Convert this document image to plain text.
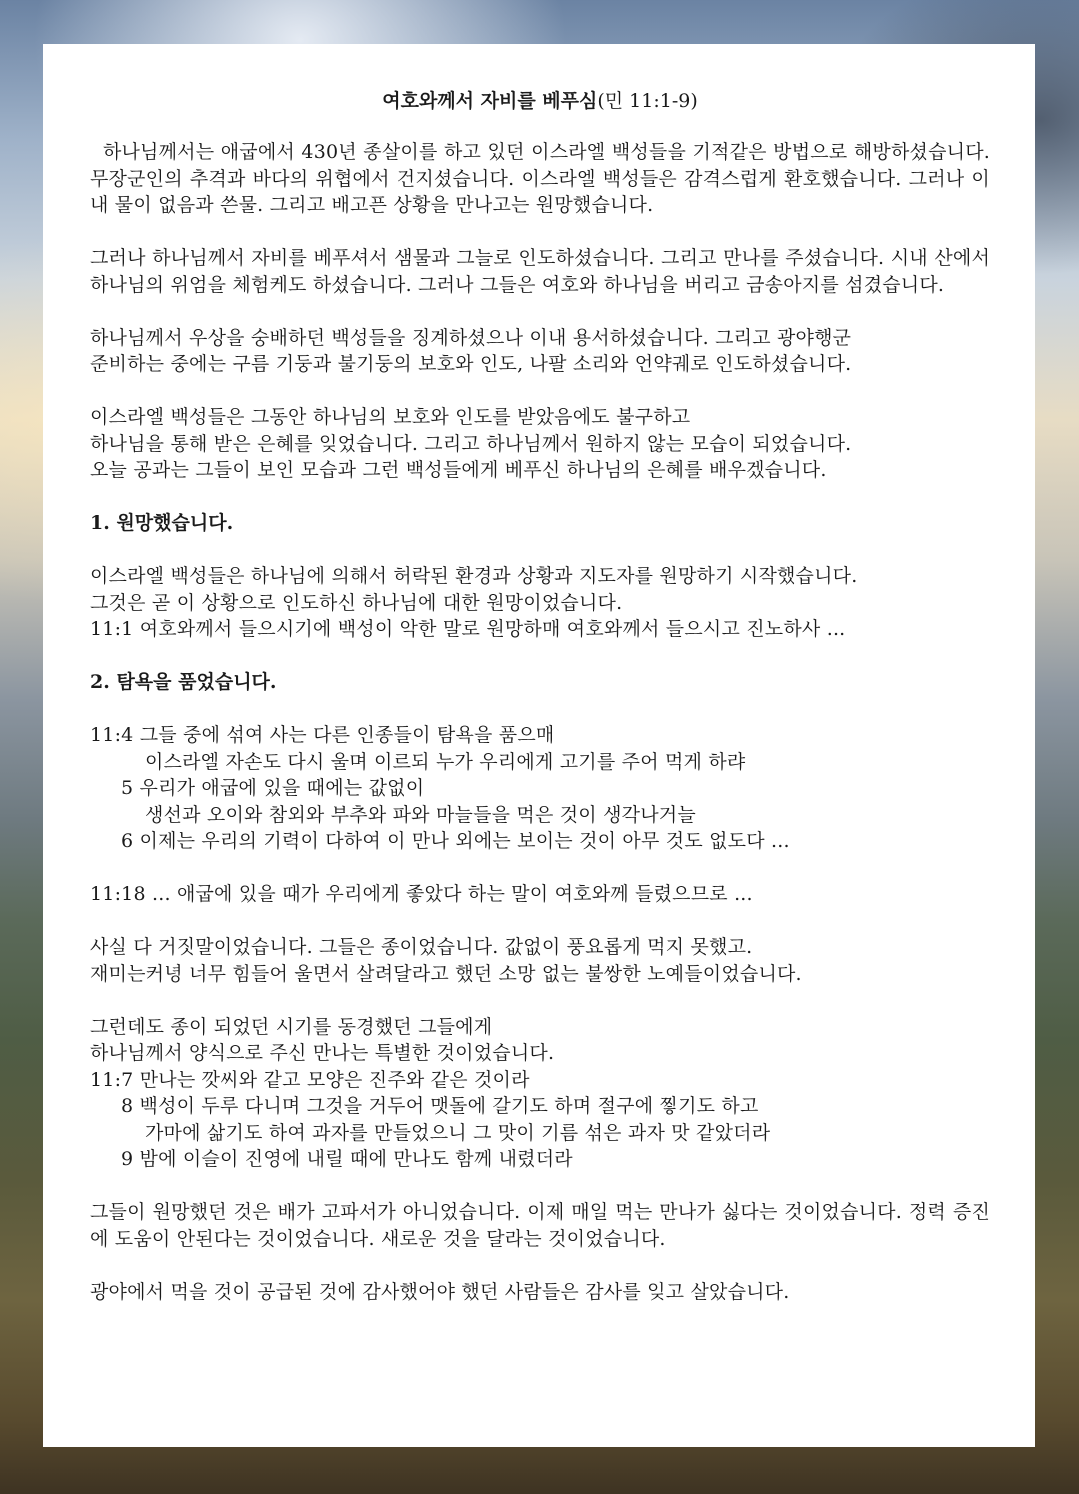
여호와께서 자비를 베푸심(민 11:1-9)

하나님께서는 애굽에서 430년 종살이를 하고 있던 이스라엘 백성들을 기적같은 방법으로 해방하셨습니다. 무장군인의 추격과 바다의 위협에서 건지셨습니다. 이스라엘 백성들은 감격스럽게 환호했습니다. 그러나 이내 물이 없음과 쓴물. 그리고 배고픈 상황을 만나고는 원망했습니다.

그러나 하나님께서 자비를 베푸셔서 샘물과 그늘로 인도하셨습니다. 그리고 만나를 주셨습니다. 시내 산에서 하나님의 위엄을 체험케도 하셨습니다. 그러나 그들은 여호와 하나님을 버리고 금송아지를 섬겼습니다.

하나님께서 우상을 숭배하던 백성들을 징계하셨으나 이내 용서하셨습니다. 그리고 광야행군

준비하는 중에는 구름 기둥과 불기둥의 보호와 인도, 나팔 소리와 언약궤로 인도하셨습니다.

이스라엘 백성들은 그동안 하나님의 보호와 인도를 받았음에도 불구하고

하나님을 통해 받은 은혜를 잊었습니다. 그리고 하나님께서 원하지 않는 모습이 되었습니다.

오늘 공과는 그들이 보인 모습과 그런 백성들에게 베푸신 하나님의 은혜를 배우겠습니다.

1. 원망했습니다.

이스라엘 백성들은 하나님에 의해서 허락된 환경과 상황과 지도자를 원망하기 시작했습니다.

그것은 곧 이 상황으로 인도하신 하나님에 대한 원망이었습니다.

11:1 여호와께서 들으시기에 백성이 악한 말로 원망하매 여호와께서 들으시고 진노하사 ...

2. 탐욕을 품었습니다.

11:4 그들 중에 섞여 사는 다른 인종들이 탐욕을 품으매

이스라엘 자손도 다시 울며 이르되 누가 우리에게 고기를 주어 먹게 하랴

5 우리가 애굽에 있을 때에는 값없이

생선과 오이와 참외와 부추와 파와 마늘들을 먹은 것이 생각나거늘

6 이제는 우리의 기력이 다하여 이 만나 외에는 보이는 것이 아무 것도 없도다 ...

11:18 ... 애굽에 있을 때가 우리에게 좋았다 하는 말이 여호와께 들렸으므로 ...

사실 다 거짓말이었습니다. 그들은 종이었습니다. 값없이 풍요롭게 먹지 못했고.

재미는커녕 너무 힘들어 울면서 살려달라고 했던 소망 없는 불쌍한 노예들이었습니다.

그런데도 종이 되었던 시기를 동경했던 그들에게

하나님께서 양식으로 주신 만나는 특별한 것이었습니다.

11:7 만나는 깟씨와 같고 모양은 진주와 같은 것이라

8 백성이 두루 다니며 그것을 거두어 맷돌에 갈기도 하며 절구에 찧기도 하고

가마에 삶기도 하여 과자를 만들었으니 그 맛이 기름 섞은 과자 맛 같았더라

9 밤에 이슬이 진영에 내릴 때에 만나도 함께 내렸더라

그들이 원망했던 것은 배가 고파서가 아니었습니다. 이제 매일 먹는 만나가 싫다는 것이었습니다. 정력 증진에 도움이 안된다는 것이었습니다. 새로운 것을 달라는 것이었습니다.

광야에서 먹을 것이 공급된 것에 감사했어야 했던 사람들은 감사를 잊고 살았습니다.
